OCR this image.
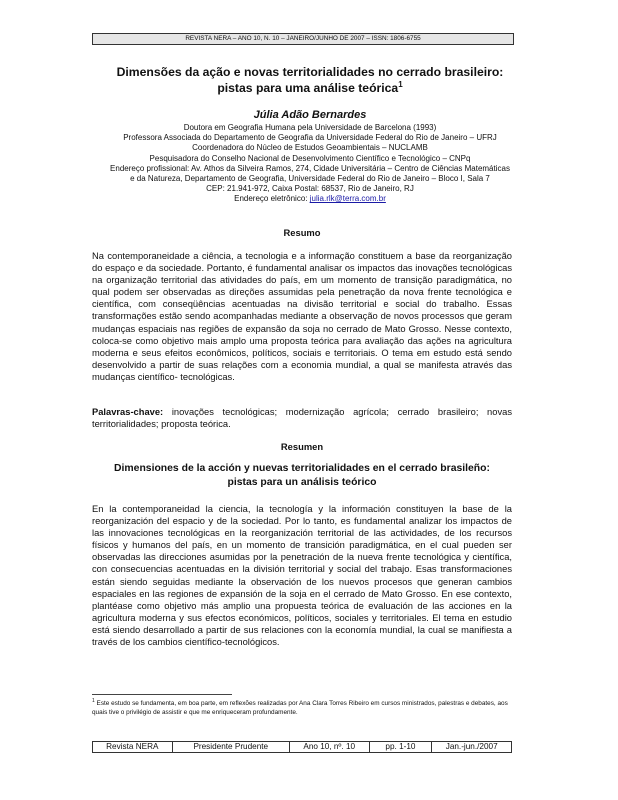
REVISTA NERA – ANO 10, N. 10 – JANEIRO/JUNHO DE 2007 – ISSN: 1806-6755
Dimensões da ação e novas territorialidades no cerrado brasileiro:
pistas para uma análise teórica$^1$
Júlia Adão Bernardes
Doutora em Geografia Humana pela Universidade de Barcelona (1993)
Professora Associada do Departamento de Geografia da Universidade Federal do Rio de Janeiro – UFRJ
Coordenadora do Núcleo de Estudos Geoambientais – NUCLAMB
Pesquisadora do Conselho Nacional de Desenvolvimento Científico e Tecnológico – CNPq
Endereço profissional: Av. Athos da Silveira Ramos, 274, Cidade Universitária – Centro de Ciências Matemáticas
e da Natureza, Departamento de Geografia, Universidade Federal do Rio de Janeiro – Bloco I, Sala 7
CEP: 21.941-972, Caixa Postal: 68537, Rio de Janeiro, RJ
Endereço eletrônico: julia.rlk@terra.com.br
Resumo

Na contemporaneidade a ciência, a tecnologia e a informação constituem a base da reorganização do espaço e da sociedade. Portanto, é fundamental analisar os impactos das inovações tecnológicas na organização territorial das atividades do país, em um momento de transição paradigmática, no qual podem ser observadas as direções assumidas pela penetração da nova frente tecnológica e científica, com conseqüências acentuadas na divisão territorial e social do trabalho. Essas transformações estão sendo acompanhadas mediante a observação de novos processos que geram mudanças espaciais nas regiões de expansão da soja no cerrado de Mato Grosso. Nesse contexto, coloca-se como objetivo mais amplo uma proposta teórica para avaliação das ações na agricultura moderna e seus efeitos econômicos, políticos, sociais e territoriais. O tema em estudo está sendo desenvolvido a partir de suas relações com a economia mundial, a qual se manifesta através das mudanças científico- tecnológicas.

Palavras-chave: inovações tecnológicas; modernização agrícola; cerrado brasileiro; novas territorialidades; proposta teórica.

Resumen
Dimensiones de la acción y nuevas territorialidades en el cerrado brasileño:
pistas para un análisis teórico

En la contemporaneidad la ciencia, la tecnología y la información constituyen la base de la reorganización del espacio y de la sociedad. Por lo tanto, es fundamental analizar los impactos de las innovaciones tecnológicas en la reorganización territorial de las actividades, de los recursos físicos y humanos del país, en un momento de transición paradigmática, en el cual pueden ser observadas las direcciones asumidas por la penetración de la nueva frente tecnológica y científica, con consecuencias acentuadas en la división territorial y social del trabajo. Esas transformaciones están siendo seguidas mediante la observación de los nuevos procesos que generan cambios espaciales en las regiones de expansión de la soja en el cerrado de Mato Grosso. En ese contexto, plantéase como objetivo más amplio una propuesta teórica de evaluación de las acciones en la agricultura moderna y sus efectos económicos, políticos, sociales y territoriales. El tema en estudio está siendo desarrollado a partir de sus relaciones con la economía mundial, la cual se manifiesta a través de los cambios científico-tecnológicos.

$^1$ Este estudo se fundamenta, em boa parte, em reflexões realizadas por Ana Clara Torres Ribeiro em cursos ministrados, palestras e debates, aos quais tive o privilégio de assistir e que me enriqueceram profundamente.
Revista NERA	Presidente Prudente	Ano 10, nº. 10	pp. 1-10	Jan.-jun./2007
